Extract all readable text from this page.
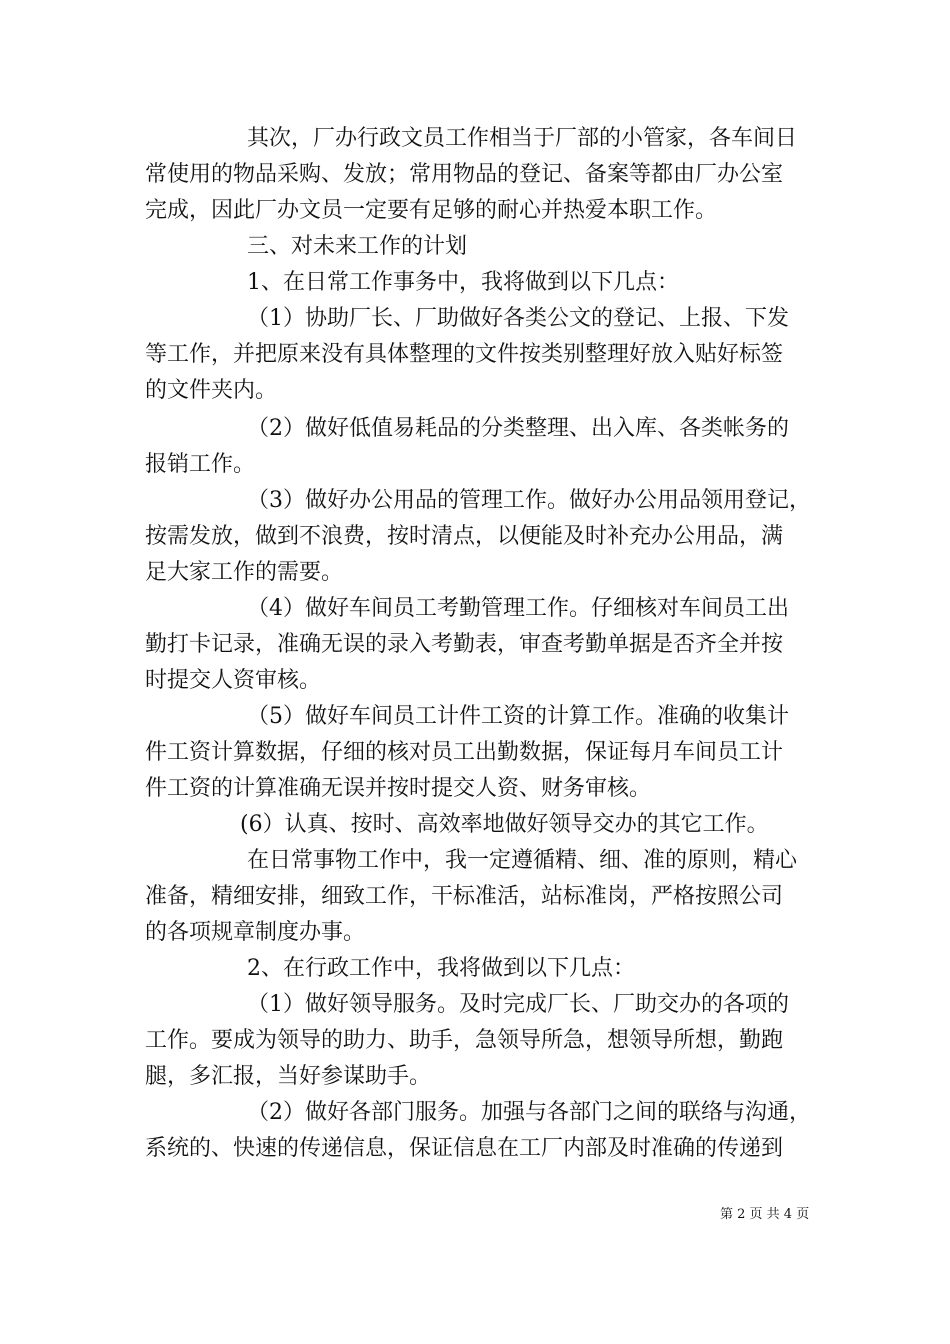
其次，厂办行政文员工作相当于厂部的小管家，各车间日
常使用的物品采购、发放；常用物品的登记、备案等都由厂办公室
完成，因此厂办文员一定要有足够的耐心并热爱本职工作。
三、对未来工作的计划
1、在日常工作事务中，我将做到以下几点：
（1）协助厂长、厂助做好各类公文的登记、上报、下发
等工作，并把原来没有具体整理的文件按类别整理好放入贴好标签
的文件夹内。
（2）做好低值易耗品的分类整理、出入库、各类帐务的
报销工作。
（3）做好办公用品的管理工作。做好办公用品领用登记，
按需发放，做到不浪费，按时清点，以便能及时补充办公用品，满
足大家工作的需要。
（4）做好车间员工考勤管理工作。仔细核对车间员工出
勤打卡记录，准确无误的录入考勤表，审查考勤单据是否齐全并按
时提交人资审核。
（5）做好车间员工计件工资的计算工作。准确的收集计
件工资计算数据，仔细的核对员工出勤数据，保证每月车间员工计
件工资的计算准确无误并按时提交人资、财务审核。
(6）认真、按时、高效率地做好领导交办的其它工作。
在日常事物工作中，我一定遵循精、细、准的原则，精心
准备，精细安排，细致工作，干标准活，站标准岗，严格按照公司
的各项规章制度办事。
2、在行政工作中，我将做到以下几点：
（1）做好领导服务。及时完成厂长、厂助交办的各项的
工作。要成为领导的助力、助手，急领导所急，想领导所想，勤跑
腿，多汇报，当好参谋助手。
（2）做好各部门服务。加强与各部门之间的联络与沟通，
系统的、快速的传递信息，保证信息在工厂内部及时准确的传递到
第 2 页 共 4 页
